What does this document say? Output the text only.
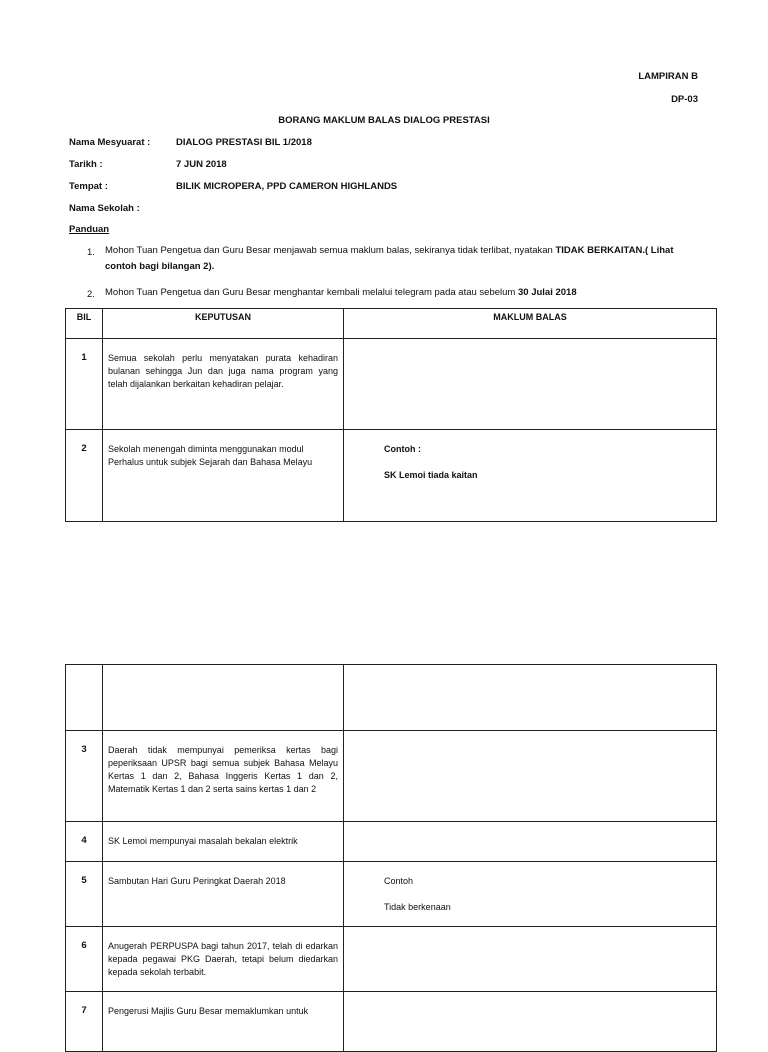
LAMPIRAN B
DP-03
BORANG MAKLUM BALAS DIALOG PRESTASI
Nama Mesyuarat :	DIALOG PRESTASI BIL 1/2018
Tarikh :	7 JUN 2018
Tempat :	BILIK MICROPERA, PPD CAMERON HIGHLANDS
Nama Sekolah :
Panduan
1. Mohon Tuan Pengetua dan Guru Besar menjawab semua maklum balas, sekiranya tidak terlibat, nyatakan TIDAK BERKAITAN.( Lihat contoh bagi bilangan 2).
2. Mohon Tuan Pengetua dan Guru Besar menghantar kembali melalui telegram pada atau sebelum 30 Julai 2018
BIL	KEPUTUSAN	MAKLUM BALAS
1	Semua sekolah perlu menyatakan purata kehadiran bulanan sehingga Jun dan juga nama program yang telah dijalankan berkaitan kehadiran pelajar.	
2	Sekolah menengah diminta menggunakan modul Perhalus untuk subjek Sejarah dan Bahasa Melayu	Contoh :
SK Lemoi tiada kaitan

3	Daerah tidak mempunyai pemeriksa kertas bagi peperiksaan UPSR bagi semua subjek Bahasa Melayu Kertas 1 dan 2, Bahasa Inggeris Kertas 1 dan 2, Matematik Kertas 1 dan 2 serta sains kertas 1 dan 2	
4	SK Lemoi mempunyai masalah bekalan elektrik	
5	Sambutan Hari Guru Peringkat Daerah 2018	Contoh
Tidak berkenaan
6	Anugerah PERPUSPA bagi tahun 2017, telah di edarkan kepada pegawai PKG Daerah, tetapi belum diedarkan kepada sekolah terbabit.	
7	Pengerusi Majlis Guru Besar memaklumkan untuk	
